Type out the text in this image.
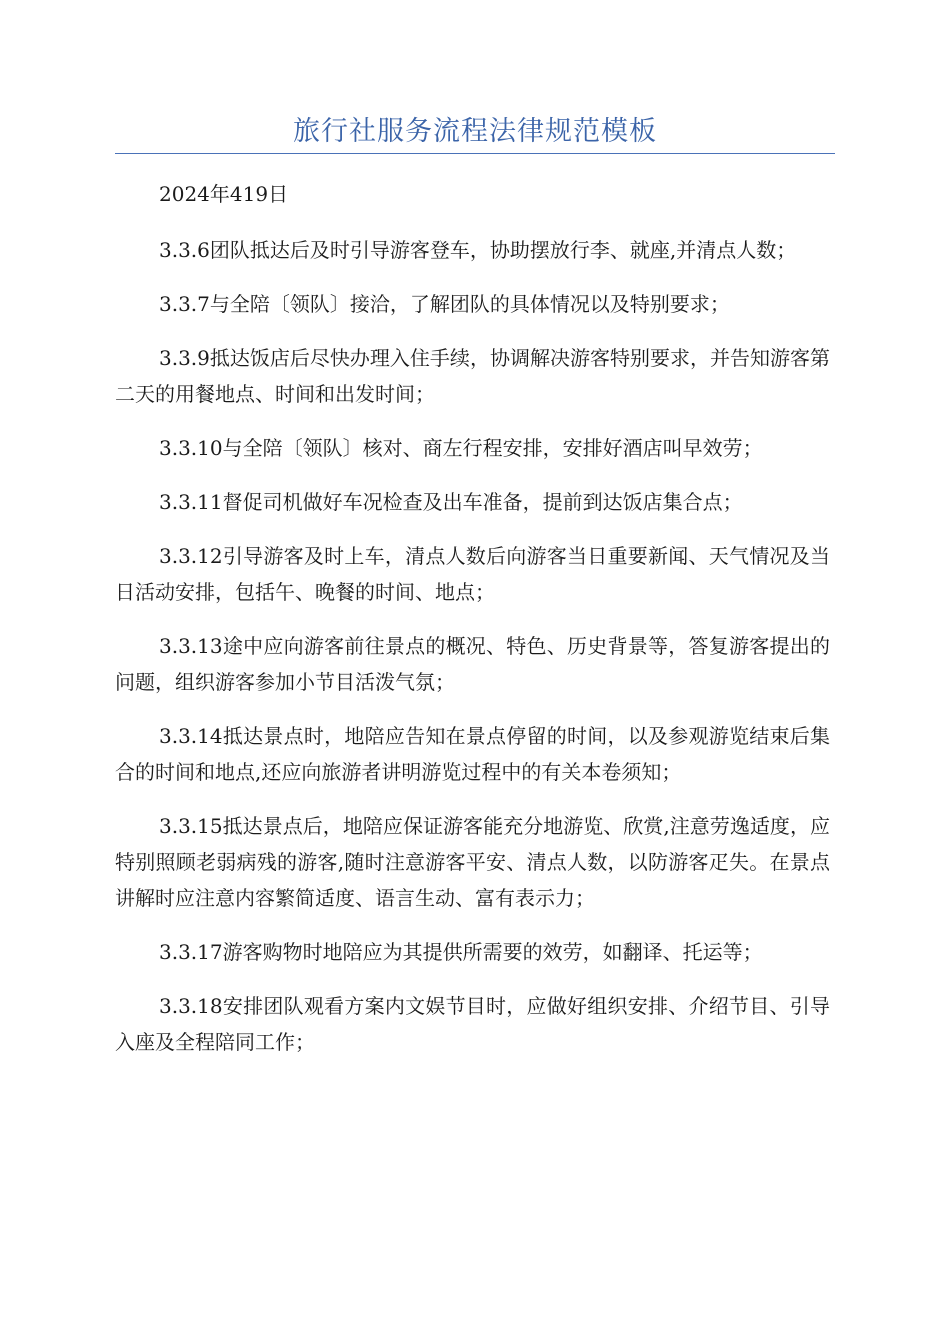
旅行社服务流程法律规范模板

2024年419日

3.3.6团队抵达后及时引导游客登车，协助摆放行李、就座,并清点人数；

3.3.7与全陪〔领队〕接洽，了解团队的具体情况以及特别要求；

3.3.9抵达饭店后尽快办理入住手续，协调解决游客特别要求，并告知游客第二天的用餐地点、时间和出发时间；

3.3.10与全陪〔领队〕核对、商左行程安排，安排好酒店叫早效劳；

3.3.11督促司机做好车况检查及出车准备，提前到达饭店集合点；

3.3.12引导游客及时上车，清点人数后向游客当日重要新闻、天气情况及当日活动安排，包括午、晚餐的时间、地点；

3.3.13途中应向游客前往景点的概况、特色、历史背景等，答复游客提出的问题，组织游客参加小节目活泼气氛；

3.3.14抵达景点时，地陪应告知在景点停留的时间，以及参观游览结束后集合的时间和地点,还应向旅游者讲明游览过程中的有关本卷须知；

3.3.15抵达景点后，地陪应保证游客能充分地游览、欣赏,注意劳逸适度，应特别照顾老弱病残的游客,随时注意游客平安、清点人数，以防游客疋失。在景点讲解时应注意内容繁简适度、语言生动、富有表示力；

3.3.17游客购物时地陪应为其提供所需要的效劳，如翻译、托运等；

3.3.18安排团队观看方案内文娱节目时，应做好组织安排、介绍节目、引导入座及全程陪同工作；
